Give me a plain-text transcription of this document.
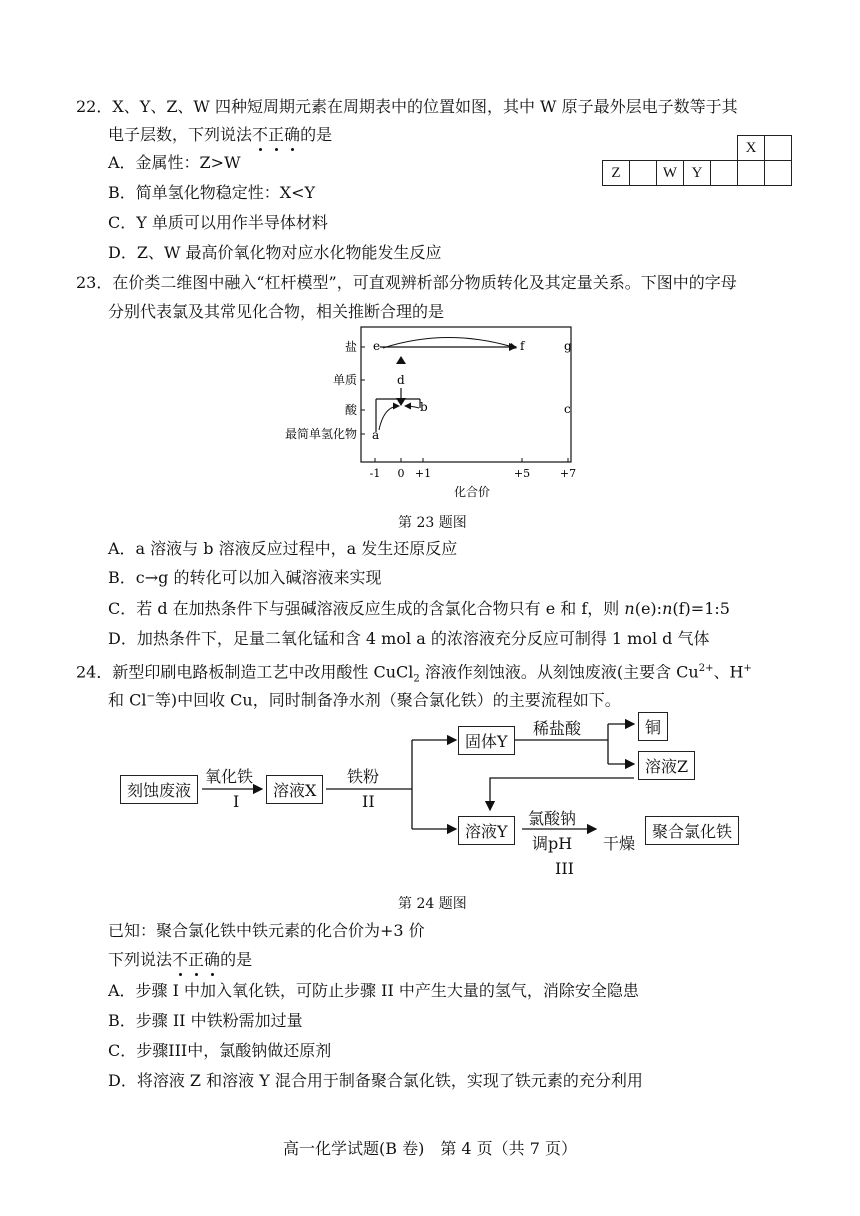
22．X、Y、Z、W 四种短周期元素在周期表中的位置如图，其中 W 原子最外层电子数等于其
电子层数，下列说法不正确的是
					X	
Z		W	Y			
A．金属性：Z>W
B．简单氢化物稳定性：X<Y
C．Y 单质可以用作半导体材料
D．Z、W 最高价氧化物对应水化物能发生反应
23．在价类二维图中融入“杠杆模型”，可直观辨析部分物质转化及其定量关系。下图中的字母
分别代表氯及其常见化合物，相关推断合理的是
盐
单质
酸
最简单氢化物
-1 0 +1	+5	+7
化合价
e	f	g
d
b	c
a
第 23 题图
A．a 溶液与 b 溶液反应过程中，a 发生还原反应
B．c→g 的转化可以加入碱溶液来实现
C．若 d 在加热条件下与强碱溶液反应生成的含氯化合物只有 e 和 f，则 n(e):n(f)=1:5
D．加热条件下，足量二氧化锰和含 4 mol a 的浓溶液充分反应可制得 1 mol d 气体
24．新型印刷电路板制造工艺中改用酸性 CuCl$_2$ 溶液作刻蚀液。从刻蚀废液(主要含 $Cu^{2+}$、H+
和 Cl−等)中回收 Cu，同时制备净水剂（聚合氯化铁）的主要流程如下。
刻蚀废液	溶液X
固体Y
铜
溶液Z
溶液Y	聚合氯化铁
氧化铁
I
铁粉
II
稀盐酸
氯酸钠
调pH
III
干燥
第 24 题图
已知：聚合氯化铁中铁元素的化合价为+3 价
下列说法不正确的是
A．步骤 I 中加入氧化铁，可防止步骤 II 中产生大量的氢气，消除安全隐患
B．步骤 II 中铁粉需加过量
C．步骤III中，氯酸钠做还原剂
D．将溶液 Z 和溶液 Y 混合用于制备聚合氯化铁，实现了铁元素的充分利用
高一化学试题(B 卷)　第 4 页（共 7 页）
